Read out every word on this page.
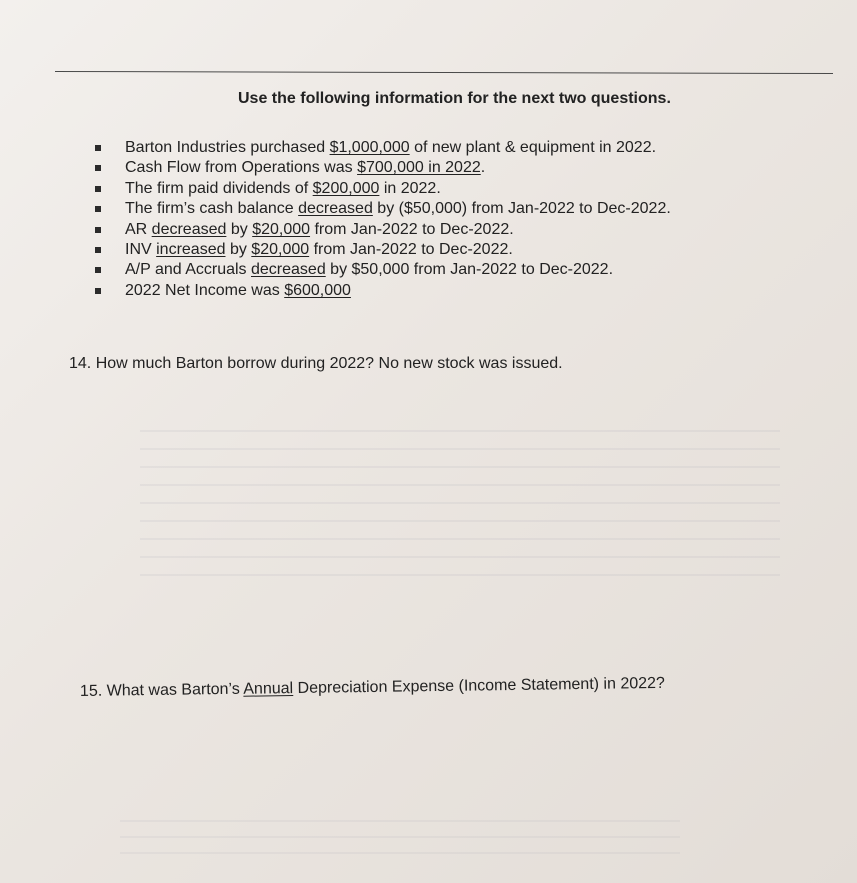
Use the following information for the next two questions.
Barton Industries purchased $1,000,000 of new plant & equipment in 2022.
Cash Flow from Operations was $700,000 in 2022.
The firm paid dividends of $200,000 in 2022.
The firm’s cash balance decreased by ($50,000) from Jan-2022 to Dec-2022.
AR decreased by $20,000 from Jan-2022 to Dec-2022.
INV increased by $20,000 from Jan-2022 to Dec-2022.
A/P and Accruals decreased by $50,000 from Jan-2022 to Dec-2022.
2022 Net Income was $600,000
14. How much Barton borrow during 2022? No new stock was issued.
15. What was Barton’s Annual Depreciation Expense (Income Statement) in 2022?
